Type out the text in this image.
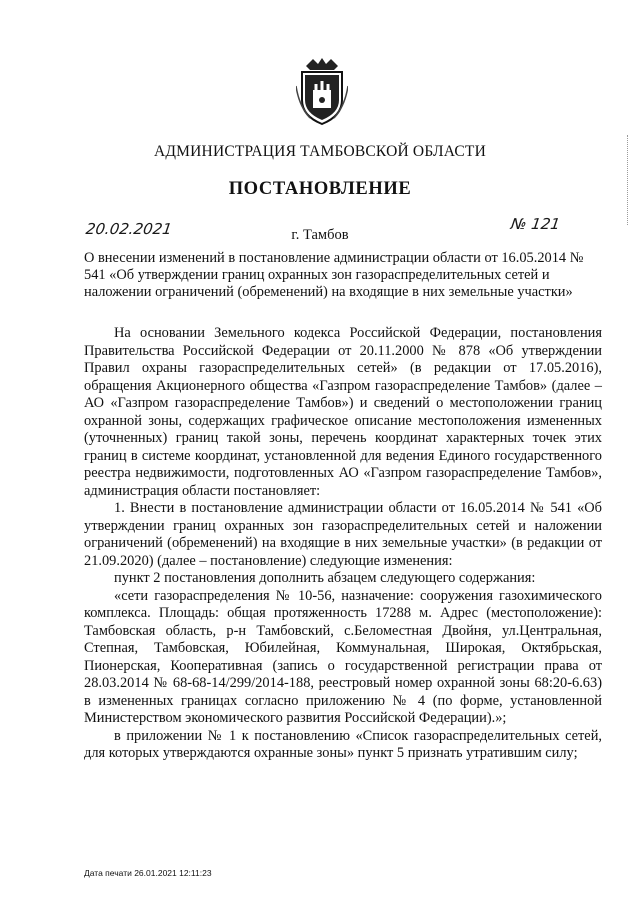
АДМИНИСТРАЦИЯ ТАМБОВСКОЙ ОБЛАСТИ
ПОСТАНОВЛЕНИЕ
20.02.2021	г. Тамбов
№ 121
О внесении изменений в постановление администрации области от 16.05.2014 № 541 «Об утверждении границ охранных зон газораспределительных сетей и наложении ограничений (обременений) на входящие в них земельные участки»

На основании Земельного кодекса Российской Федерации, постановления Правительства Российской Федерации от 20.11.2000 № 878 «Об утверждении Правил охраны газораспределительных сетей» (в редакции от 17.05.2016), обращения Акционерного общества «Газпром газораспределение Тамбов» (далее – АО «Газпром газораспределение Тамбов») и сведений о местоположении границ охранной зоны, содержащих графическое описание местоположения измененных (уточненных) границ такой зоны, перечень координат характерных точек этих границ в системе координат, установленной для ведения Единого государственного реестра недвижимости, подготовленных АО «Газпром газораспределение Тамбов», администрация области постановляет:

1. Внести в постановление администрации области от 16.05.2014 № 541 «Об утверждении границ охранных зон газораспределительных сетей и наложении ограничений (обременений) на входящие в них земельные участки» (в редакции от 21.09.2020) (далее – постановление) следующие изменения:

пункт 2 постановления дополнить абзацем следующего содержания:

«сети газораспределения № 10-56, назначение: сооружения газохимического комплекса. Площадь: общая протяженность 17288 м. Адрес (местоположение): Тамбовская область, р-н Тамбовский, с.Беломестная Двойня, ул.Центральная, Степная, Тамбовская, Юбилейная, Коммунальная, Широкая, Октябрьская, Пионерская, Кооперативная (запись о государственной регистрации права от 28.03.2014 № 68-68-14/299/2014-188, реестровый номер охранной зоны 68:20-6.63) в измененных границах согласно приложению № 4 (по форме, установленной Министерством экономического развития Российской Федерации).»;

в приложении № 1 к постановлению «Список газораспределительных сетей, для которых утверждаются охранные зоны» пункт 5 признать утратившим силу;

Дата печати 26.01.2021 12:11:23
